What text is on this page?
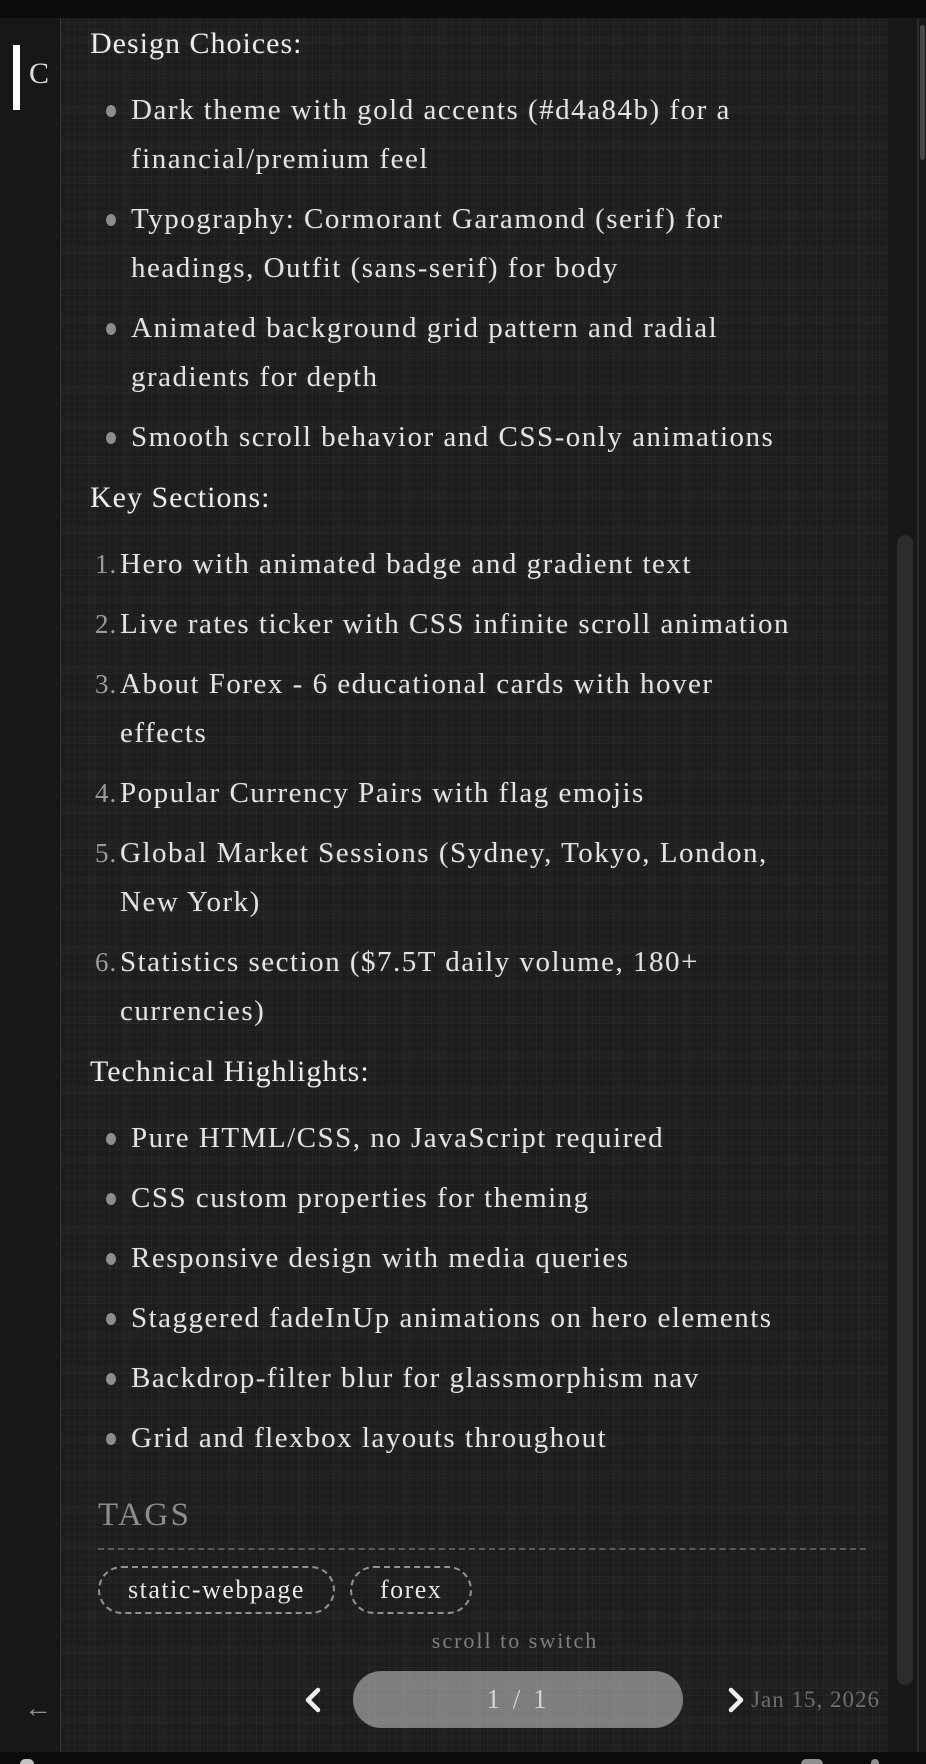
C
←
Design Choices:
Dark theme with gold accents (#d4a84b) for a
financial/premium feel
Typography: Cormorant Garamond (serif) for
headings, Outfit (sans-serif) for body
Animated background grid pattern and radial
gradients for depth
Smooth scroll behavior and CSS-only animations
Key Sections:
1. Hero with animated badge and gradient text
2. Live rates ticker with CSS infinite scroll animation
3. About Forex - 6 educational cards with hover
effects
4. Popular Currency Pairs with flag emojis
5. Global Market Sessions (Sydney, Tokyo, London,
New York)
6. Statistics section ($7.5T daily volume, 180+
currencies)
Technical Highlights:
Pure HTML/CSS, no JavaScript required
CSS custom properties for theming
Responsive design with media queries
Staggered fadeInUp animations on hero elements
Backdrop-filter blur for glassmorphism nav
Grid and flexbox layouts throughout
TAGS
static-webpage	forex
scroll to switch
1 / 1	Jan 15, 2026
